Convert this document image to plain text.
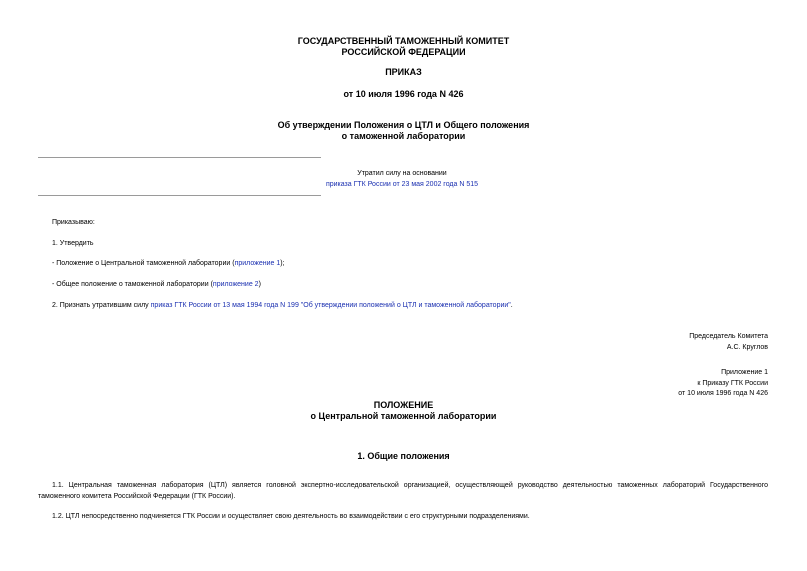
ГОСУДАРСТВЕННЫЙ ТАМОЖЕННЫЙ КОМИТЕТ
РОССИЙСКОЙ ФЕДЕРАЦИИ
ПРИКАЗ
от 10 июля 1996 года N 426
Об утверждении Положения о ЦТЛ и Общего положения
о таможенной лаборатории
Утратил силу на основании
приказа ГТК России от 23 мая 2002 года N 515
Приказываю:
1. Утвердить
- Положение о Центральной таможенной лаборатории (приложение 1);
- Общее положение о таможенной лаборатории (приложение 2)
2. Признать утратившим силу приказ ГТК России от 13 мая 1994 года N 199 "Об утверждении положений о ЦТЛ и таможенной лаборатории".
Председатель Комитета
А.С. Круглов
Приложение 1
к Приказу ГТК России
от 10 июля 1996 года N 426
ПОЛОЖЕНИЕ
о Центральной таможенной лаборатории
1. Общие положения
1.1. Центральная таможенная лаборатория (ЦТЛ) является головной экспертно-исследовательской организацией, осуществляющей руководство деятельностью таможенных лабораторий Государственного таможенного комитета Российской Федерации (ГТК России).
1.2. ЦТЛ непосредственно подчиняется ГТК России и осуществляет свою деятельность во взаимодействии с его структурными подразделениями.
